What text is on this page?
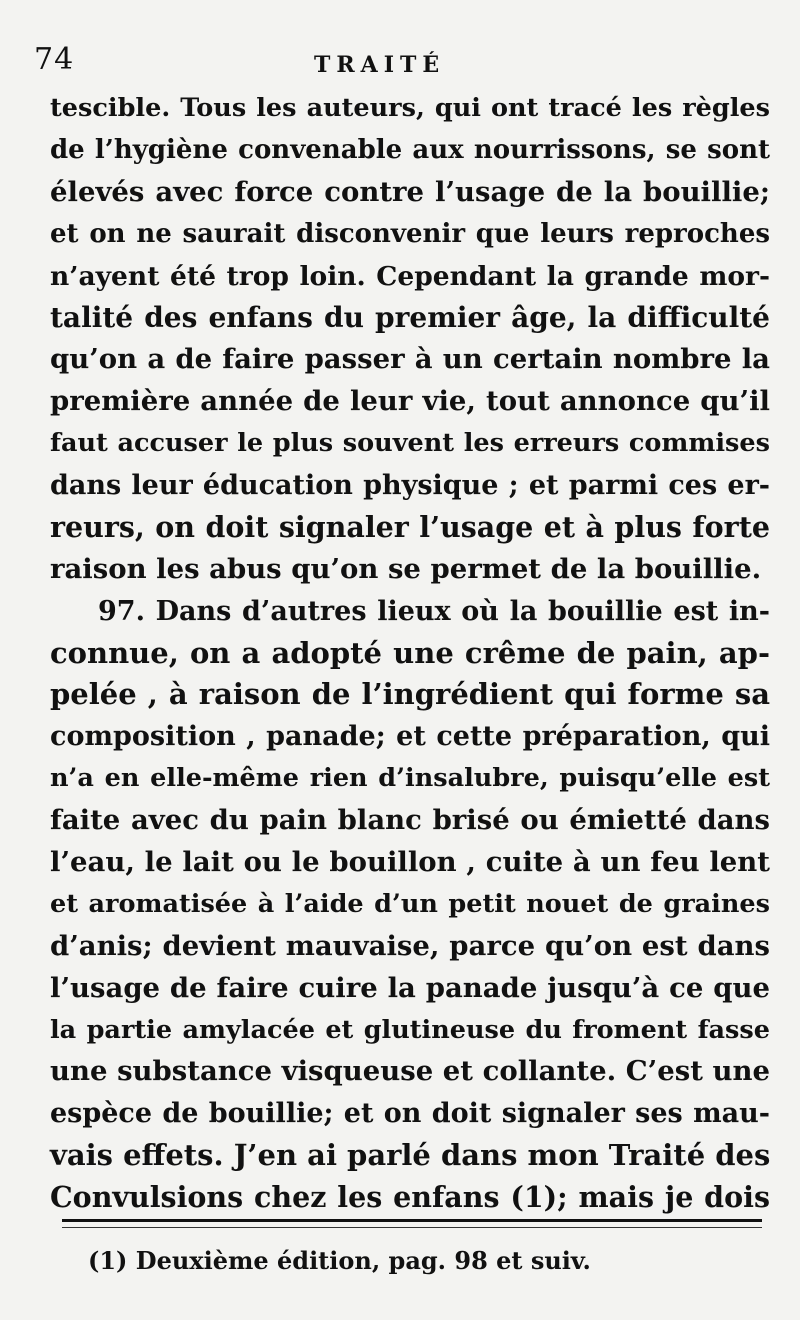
74	TRAITÉ
tescible. Tous les auteurs, qui ont tracé les règles
de l’hygiène convenable aux nourrissons, se sont
élevés avec force contre l’usage de la bouillie;
et on ne saurait disconvenir que leurs reproches
n’ayent été trop loin. Cependant la grande mor-
talité des enfans du premier âge, la difficulté
qu’on a de faire passer à un certain nombre la
première année de leur vie, tout annonce qu’il
faut accuser le plus souvent les erreurs commises
dans leur éducation physique ; et parmi ces er-
reurs, on doit signaler l’usage et à plus forte
raison les abus qu’on se permet de la bouillie.
97. Dans d’autres lieux où la bouillie est in-
connue, on a adopté une crême de pain, ap-
pelée , à raison de l’ingrédient qui forme sa
composition , panade; et cette préparation, qui
n’a en elle-même rien d’insalubre, puisqu’elle est
faite avec du pain blanc brisé ou émietté dans
l’eau, le lait ou le bouillon , cuite à un feu lent
et aromatisée à l’aide d’un petit nouet de graines
d’anis; devient mauvaise, parce qu’on est dans
l’usage de faire cuire la panade jusqu’à ce que
la partie amylacée et glutineuse du froment fasse
une substance visqueuse et collante. C’est une
espèce de bouillie; et on doit signaler ses mau-
vais effets. J’en ai parlé dans mon Traité des
Convulsions chez les enfans (1); mais je dois
(1) Deuxième édition, pag. 98 et suiv.
